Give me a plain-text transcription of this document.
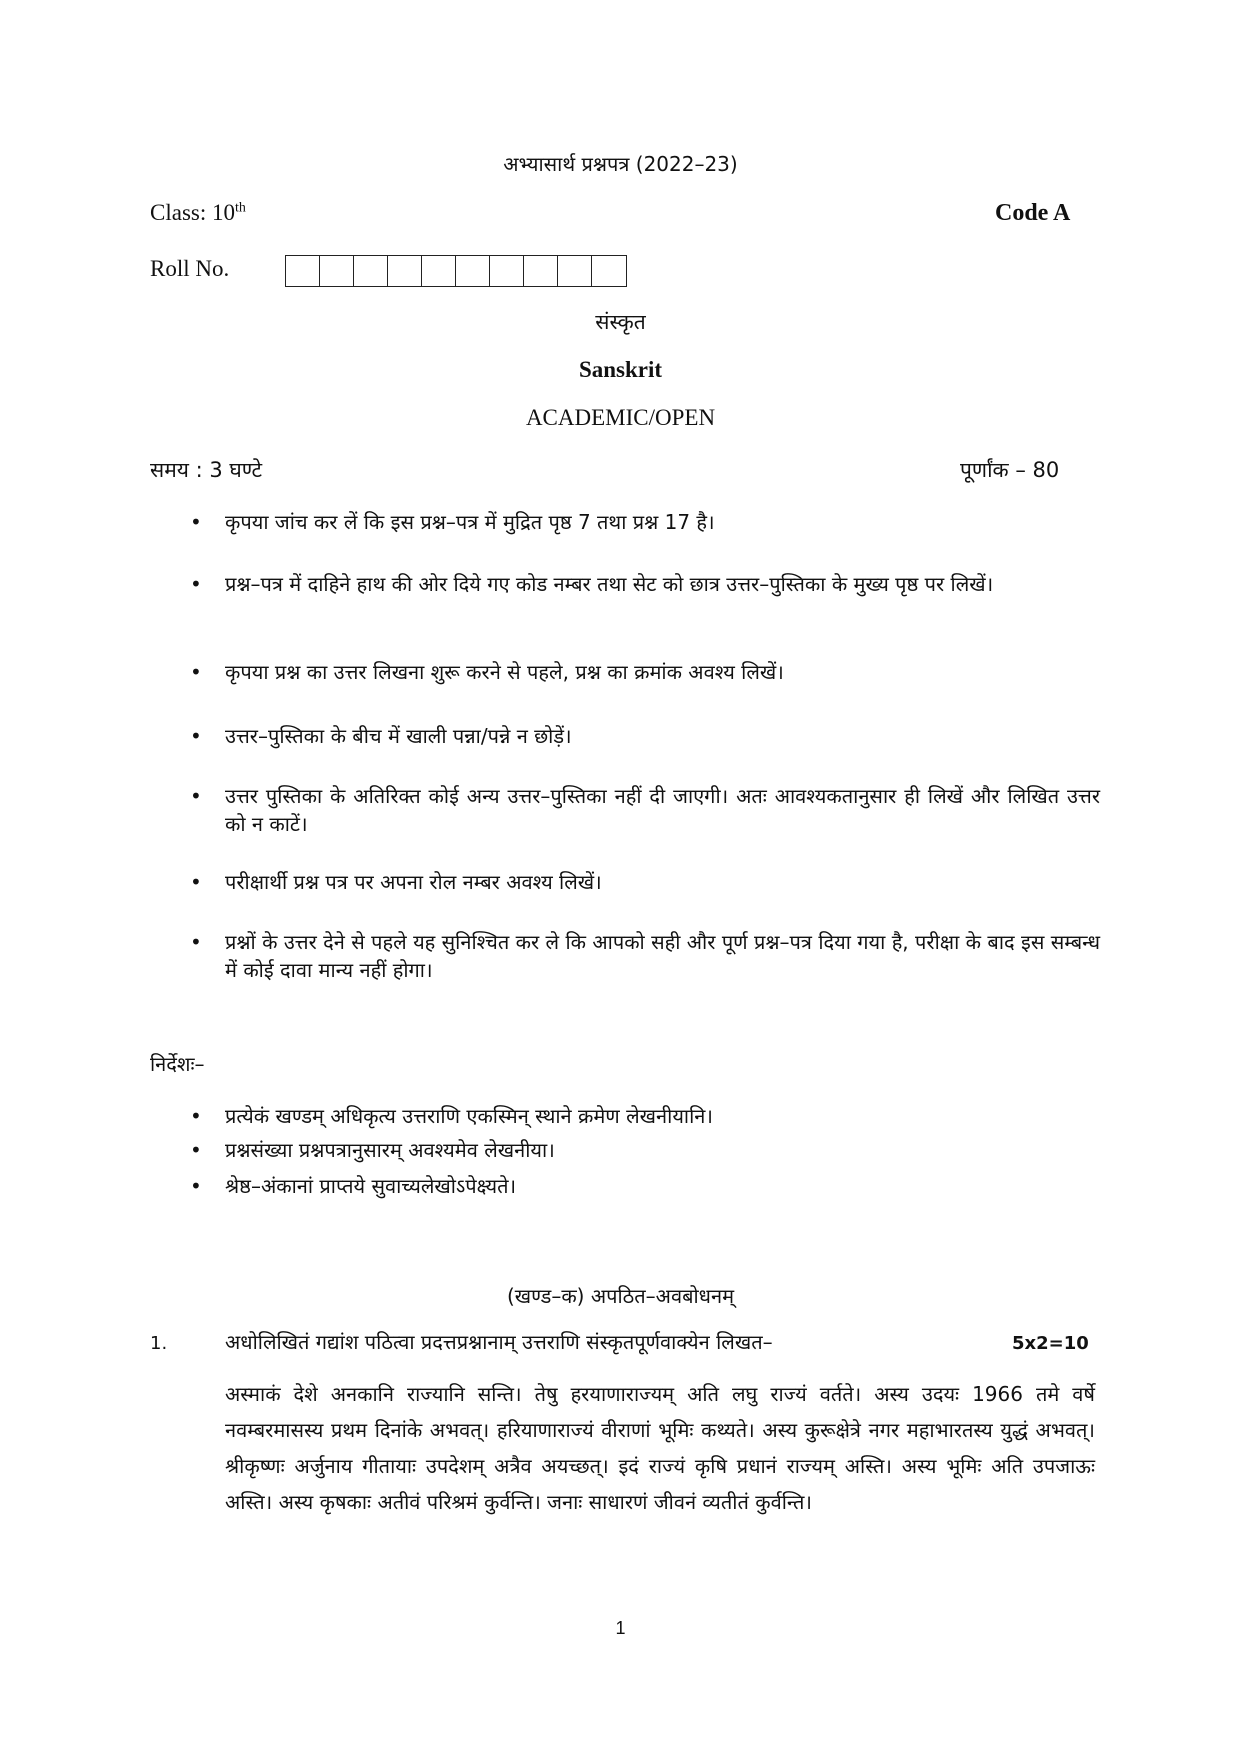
अभ्यासार्थ प्रश्नपत्र (2022–23)
Class: 10th	Code A
Roll No.
संस्कृत
Sanskrit
ACADEMIC/OPEN
समय : 3 घण्टे	पूर्णांक – 80
• कृपया जांच कर लें कि इस प्रश्न–पत्र में मुद्रित पृष्ठ 7 तथा प्रश्न 17 है।
• प्रश्न–पत्र में दाहिने हाथ की ओर दिये गए कोड नम्बर तथा सेट को छात्र उत्तर–पुस्तिका के मुख्य पृष्ठ पर लिखें।
• कृपया प्रश्न का उत्तर लिखना शुरू करने से पहले, प्रश्न का क्रमांक अवश्य लिखें।
• उत्तर–पुस्तिका के बीच में खाली पन्ना/पन्ने न छोड़ें।
• उत्तर पुस्तिका के अतिरिक्त कोई अन्य उत्तर–पुस्तिका नहीं दी जाएगी। अतः आवश्यकतानुसार ही लिखें और लिखित उत्तर को न काटें।
• परीक्षार्थी प्रश्न पत्र पर अपना रोल नम्बर अवश्य लिखें।
• प्रश्नों के उत्तर देने से पहले यह सुनिश्चित कर ले कि आपको सही और पूर्ण प्रश्न–पत्र दिया गया है, परीक्षा के बाद इस सम्बन्ध में कोई दावा मान्य नहीं होगा।
निर्देशः–
• प्रत्येकं खण्डम् अधिकृत्य उत्तराणि एकस्मिन् स्थाने क्रमेण लेखनीयानि।
• प्रश्नसंख्या प्रश्नपत्रानुसारम् अवश्यमेव लेखनीया।
• श्रेष्ठ–अंकानां प्राप्तये सुवाच्यलेखोऽपेक्ष्यते।
(खण्ड–क) अपठित–अवबोधनम्
1.	अधोलिखितं गद्यांश पठित्वा प्रदत्तप्रश्नानाम् उत्तराणि संस्कृतपूर्णवाक्येन लिखत–	5x2=10
अस्माकं देशे अनकानि राज्यानि सन्ति। तेषु हरयाणाराज्यम् अति लघु राज्यं वर्तते। अस्य उदयः 1966 तमे वर्षे नवम्बरमासस्य प्रथम दिनांके अभवत्। हरियाणाराज्यं वीराणां भूमिः कथ्यते। अस्य कुरूक्षेत्रे नगर महाभारतस्य युद्धं अभवत्। श्रीकृष्णः अर्जुनाय गीतायाः उपदेशम् अत्रैव अयच्छत्। इदं राज्यं कृषि प्रधानं राज्यम् अस्ति। अस्य भूमिः अति उपजाऊः अस्ति। अस्य कृषकाः अतीवं परिश्रमं कुर्वन्ति। जनाः साधारणं जीवनं व्यतीतं कुर्वन्ति।
1
